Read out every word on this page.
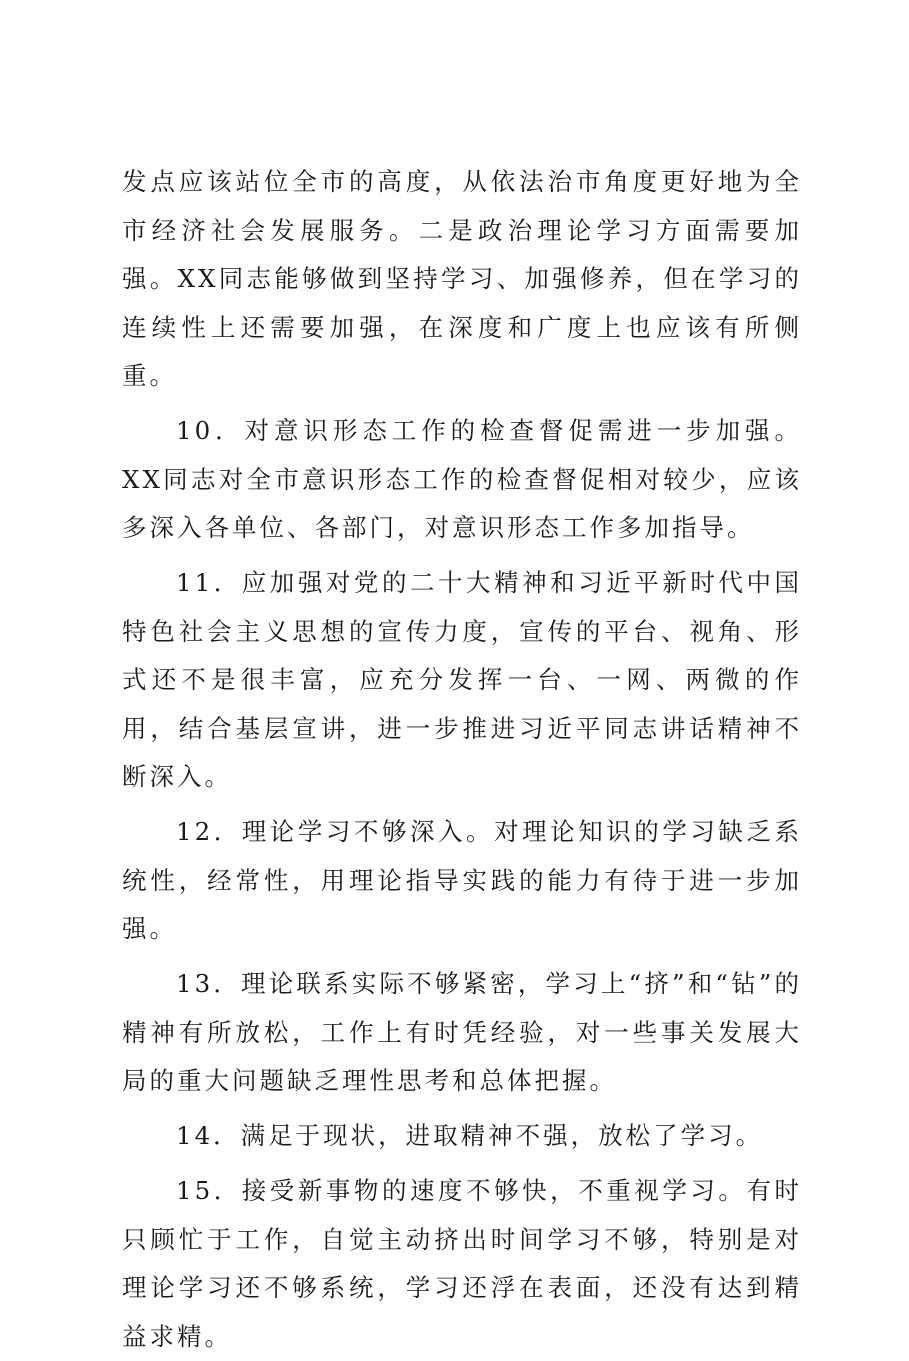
发点应该站位全市的高度，从依法治市角度更好地为全市经济社会发展服务。二是政治理论学习方面需要加强。XX同志能够做到坚持学习、加强修养，但在学习的连续性上还需要加强，在深度和广度上也应该有所侧重。

10．对意识形态工作的检查督促需进一步加强。XX同志对全市意识形态工作的检查督促相对较少，应该多深入各单位、各部门，对意识形态工作多加指导。

11．应加强对党的二十大精神和习近平新时代中国特色社会主义思想的宣传力度，宣传的平台、视角、形式还不是很丰富，应充分发挥一台、一网、两微的作用，结合基层宣讲，进一步推进习近平同志讲话精神不断深入。

12．理论学习不够深入。对理论知识的学习缺乏系统性，经常性，用理论指导实践的能力有待于进一步加强。

13．理论联系实际不够紧密，学习上“挤”和“钻”的精神有所放松，工作上有时凭经验，对一些事关发展大局的重大问题缺乏理性思考和总体把握。

14．满足于现状，进取精神不强，放松了学习。

15．接受新事物的速度不够快，不重视学习。有时只顾忙于工作，自觉主动挤出时间学习不够，特别是对理论学习还不够系统，学习还浮在表面，还没有达到精益求精。
